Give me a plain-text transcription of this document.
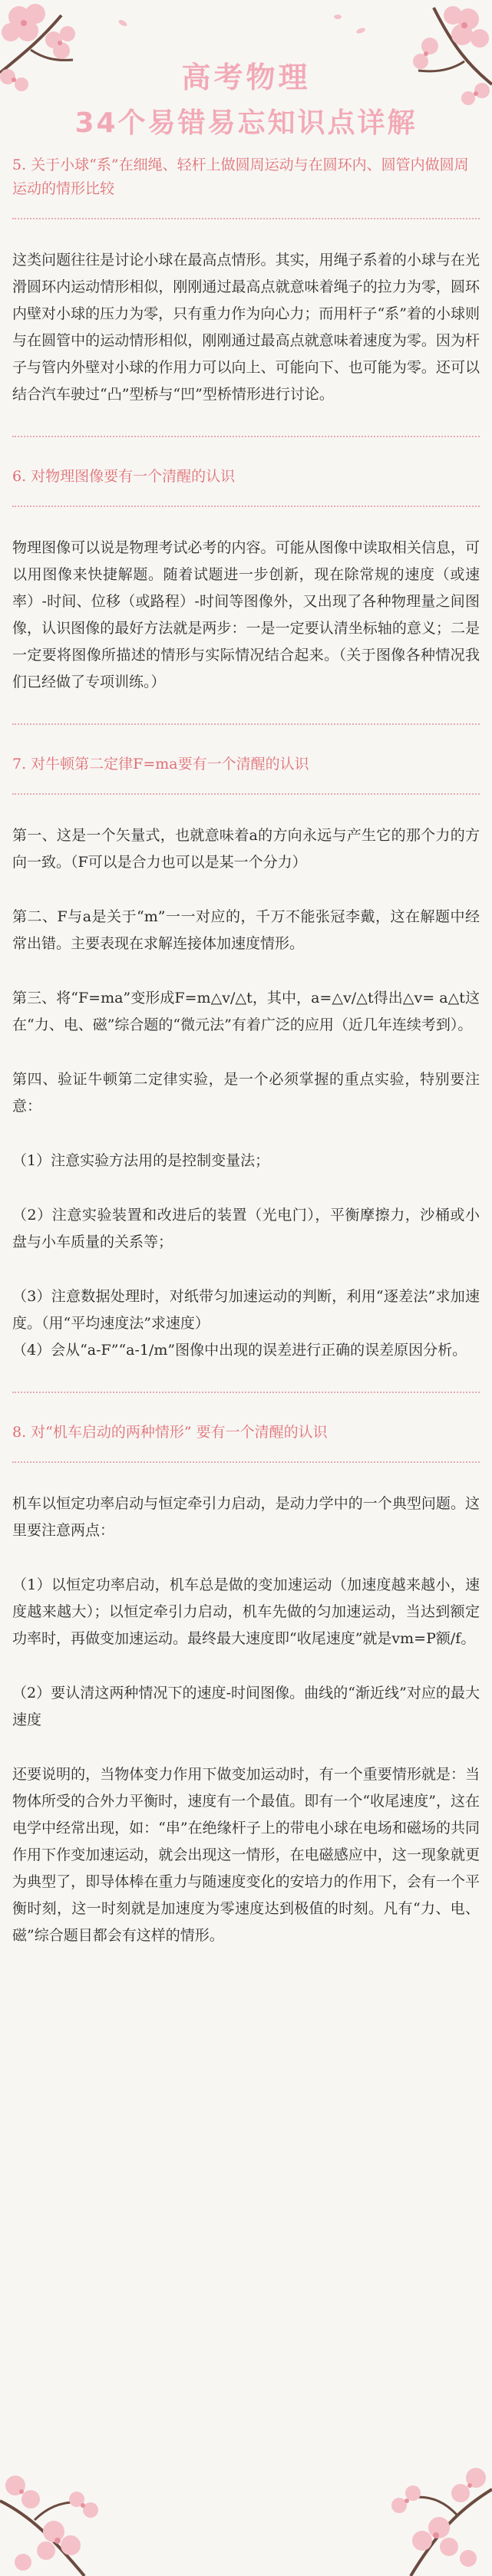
高考物理
34个易错易忘知识点详解
5. 关于小球“系”在细绳、轻杆上做圆周运动与在圆环内、圆管内做圆周运动的情形比较

这类问题往往是讨论小球在最高点情形。其实，用绳子系着的小球与在光滑圆环内运动情形相似，刚刚通过最高点就意味着绳子的拉力为零，圆环内壁对小球的压力为零，只有重力作为向心力；而用杆子“系”着的小球则与在圆管中的运动情形相似，刚刚通过最高点就意味着速度为零。因为杆子与管内外壁对小球的作用力可以向上、可能向下、也可能为零。还可以结合汽车驶过“凸”型桥与“凹”型桥情形进行讨论。

6. 对物理图像要有一个清醒的认识

物理图像可以说是物理考试必考的内容。可能从图像中读取相关信息，可以用图像来快捷解题。随着试题进一步创新，现在除常规的速度（或速率）-时间、位移（或路程）-时间等图像外，又出现了各种物理量之间图像，认识图像的最好方法就是两步：一是一定要认清坐标轴的意义；二是一定要将图像所描述的情形与实际情况结合起来。（关于图像各种情况我们已经做了专项训练。）

7. 对牛顿第二定律F=ma要有一个清醒的认识

第一、这是一个矢量式，也就意味着a的方向永远与产生它的那个力的方向一致。（F可以是合力也可以是某一个分力）

第二、F与a是关于“m”一一对应的，千万不能张冠李戴，这在解题中经常出错。主要表现在求解连接体加速度情形。

第三、将“F=ma”变形成F=m△v/△t，其中，a=△v/△t得出△v= a△t这在“力、电、磁”综合题的“微元法”有着广泛的应用（近几年连续考到）。

第四、验证牛顿第二定律实验，是一个必须掌握的重点实验，特别要注意：

（1）注意实验方法用的是控制变量法；

（2）注意实验装置和改进后的装置（光电门），平衡摩擦力，沙桶或小盘与小车质量的关系等；

（3）注意数据处理时，对纸带匀加速运动的判断，利用“逐差法”求加速度。（用“平均速度法”求速度）

（4）会从“a-F”“a-1/m”图像中出现的误差进行正确的误差原因分析。

8. 对“机车启动的两种情形” 要有一个清醒的认识

机车以恒定功率启动与恒定牵引力启动，是动力学中的一个典型问题。这里要注意两点：

（1）以恒定功率启动，机车总是做的变加速运动（加速度越来越小，速度越来越大）；以恒定牵引力启动，机车先做的匀加速运动，当达到额定功率时，再做变加速运动。最终最大速度即“收尾速度”就是vm=P额/f。

（2）要认清这两种情况下的速度-时间图像。曲线的“渐近线”对应的最大速度

还要说明的，当物体变力作用下做变加运动时，有一个重要情形就是：当物体所受的合外力平衡时，速度有一个最值。即有一个“收尾速度”，这在电学中经常出现，如：“串”在绝缘杆子上的带电小球在电场和磁场的共同作用下作变加速运动，就会出现这一情形，在电磁感应中，这一现象就更为典型了，即导体棒在重力与随速度变化的安培力的作用下，会有一个平衡时刻，这一时刻就是加速度为零速度达到极值的时刻。凡有“力、电、磁”综合题目都会有这样的情形。
